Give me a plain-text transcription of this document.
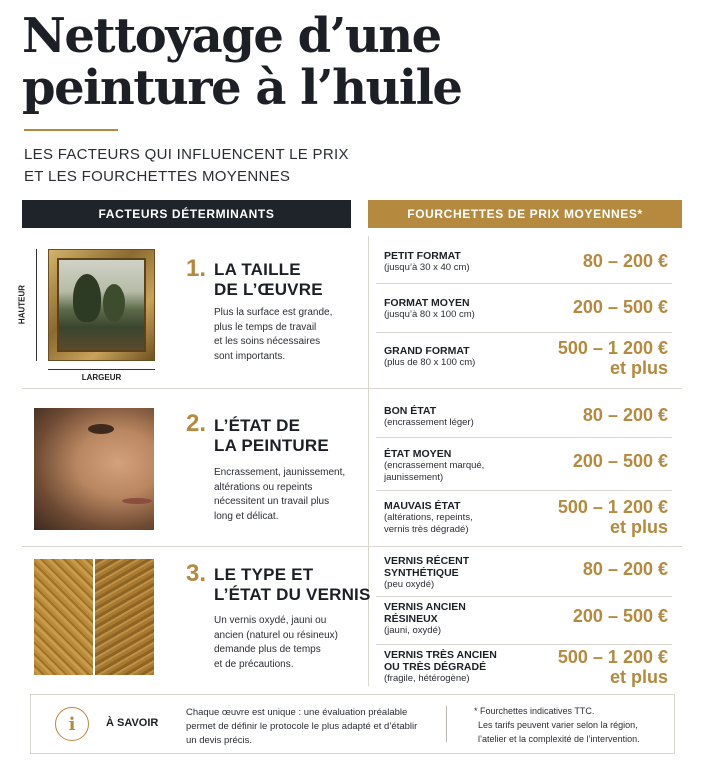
Nettoyage d’une
peinture à l’huile
LES FACTEURS QUI INFLUENCENT LE PRIX
ET LES FOURCHETTES MOYENNES
FACTEURS DÉTERMINANTS	FOURCHETTES DE PRIX MOYENNES*
HAUTEUR
LARGEUR
1. LA TAILLE
DE L’ŒUVRE
Plus la surface est grande,
plus le temps de travail
et les soins nécessaires
sont importants.
2. L’ÉTAT DE
LA PEINTURE
Encrassement, jaunissement,
altérations ou repeints
nécessitent un travail plus
long et délicat.
3. LE TYPE ET
L’ÉTAT DU VERNIS
Un vernis oxydé, jauni ou
ancien (naturel ou résineux)
demande plus de temps
et de précautions.
PETIT FORMAT
(jusqu’à 30 x 40 cm)	80 – 200 €
FORMAT MOYEN
(jusqu’à 80 x 100 cm)	200 – 500 €
GRAND FORMAT
(plus de 80 x 100 cm)
500 – 1 200 €
et plus
BON ÉTAT
(encrassement léger)	80 – 200 €
ÉTAT MOYEN
(encrassement marqué,
jaunissement)
200 – 500 €
MAUVAIS ÉTAT
(altérations, repeints,
vernis très dégradé)
500 – 1 200 €
et plus
VERNIS RÉCENT
SYNTHÉTIQUE
(peu oxydé)
80 – 200 €
VERNIS ANCIEN
RÉSINEUX
(jauni, oxydé)
200 – 500 €
VERNIS TRÈS ANCIEN
OU TRÈS DÉGRADÉ
(fragile, hétérogène)
500 – 1 200 €
et plus
i	À SAVOIR
Chaque œuvre est unique : une évaluation préalable
permet de définir le protocole le plus adapté et d’établir
un devis précis.
* Fourchettes indicatives TTC.
Les tarifs peuvent varier selon la région,
l’atelier et la complexité de l’intervention.
